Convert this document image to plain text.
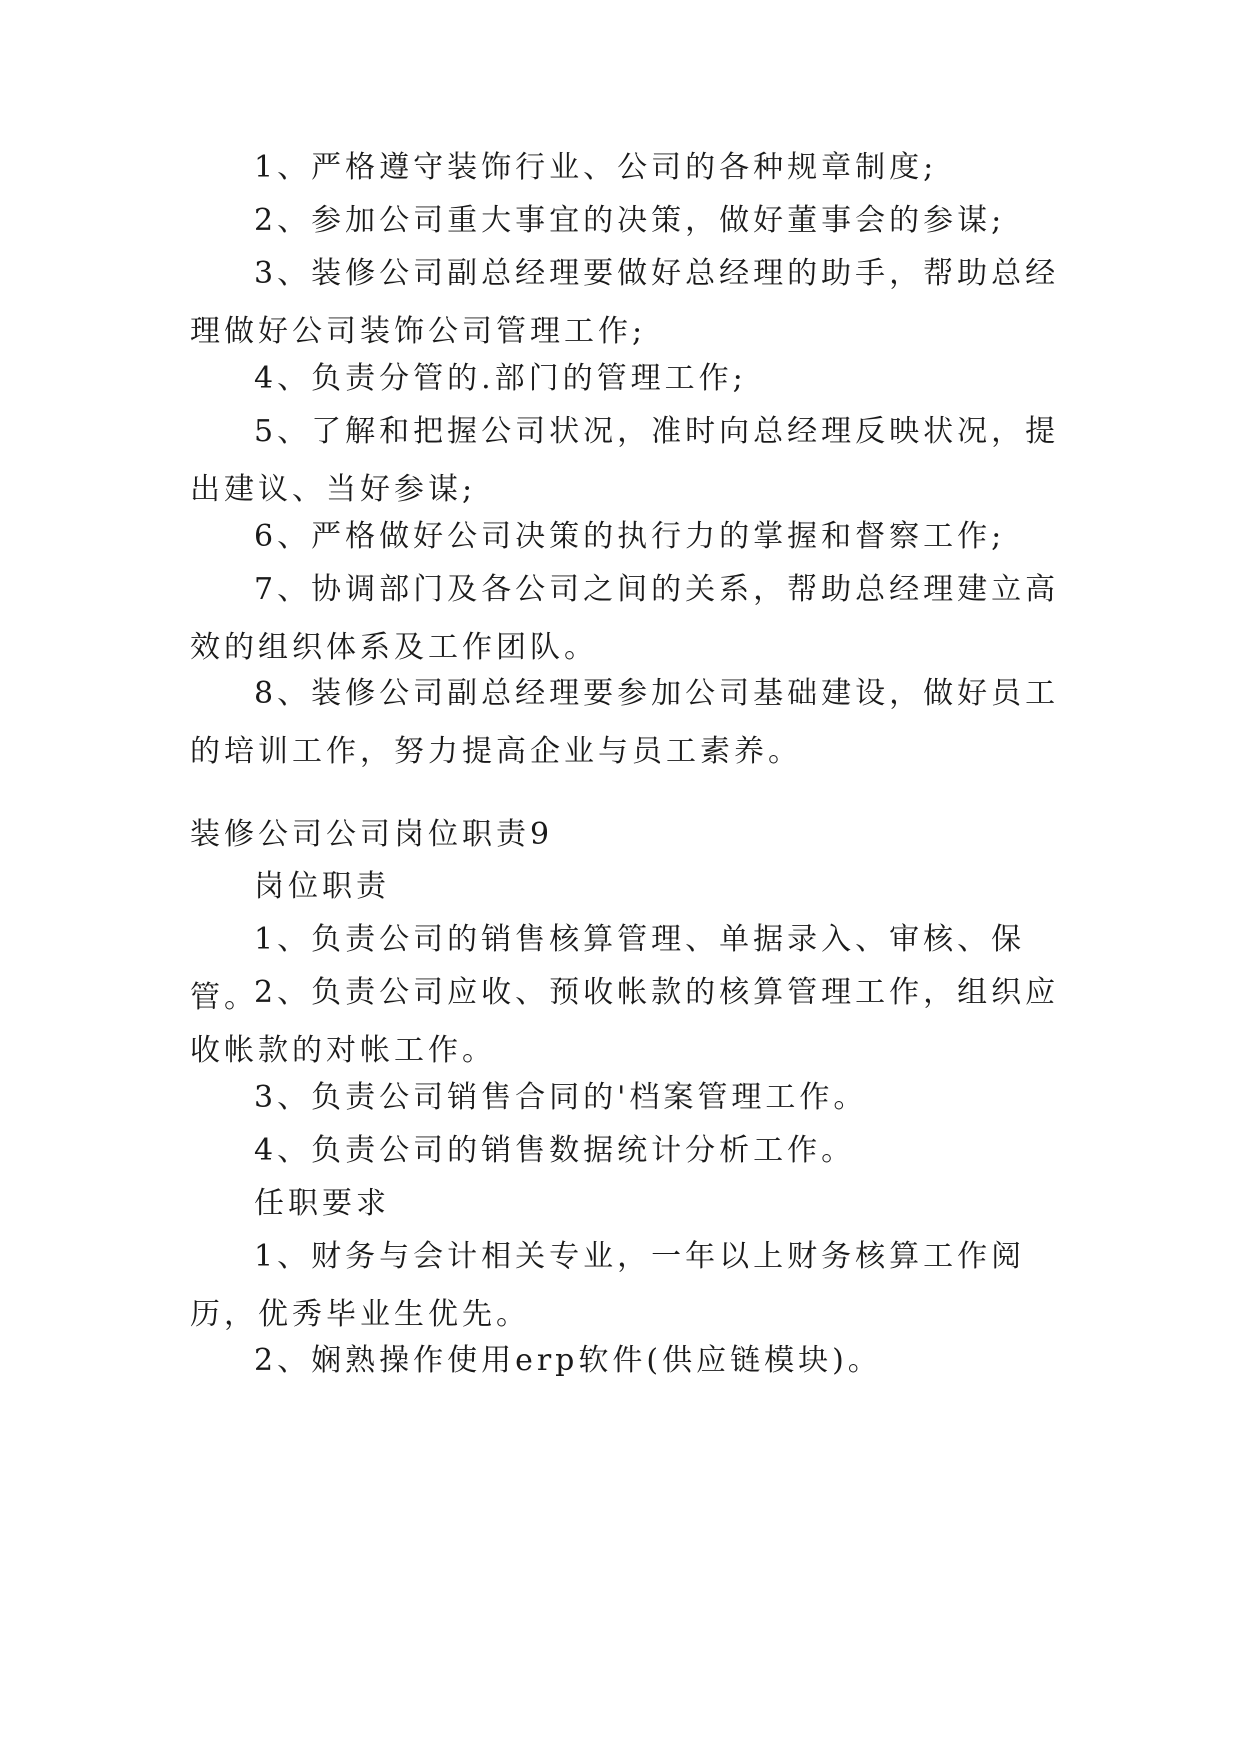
1、严格遵守装饰行业、公司的各种规章制度;

2、参加公司重大事宜的决策，做好董事会的参谋;

3、装修公司副总经理要做好总经理的助手，帮助总经理做好公司装饰公司管理工作;

4、负责分管的.部门的管理工作;

5、了解和把握公司状况，准时向总经理反映状况，提出建议、当好参谋;

6、严格做好公司决策的执行力的掌握和督察工作;

7、协调部门及各公司之间的关系，帮助总经理建立高效的组织体系及工作团队。

8、装修公司副总经理要参加公司基础建设，做好员工的培训工作，努力提高企业与员工素养。

装修公司公司岗位职责9

岗位职责

1、负责公司的销售核算管理、单据录入、审核、保管。

2、负责公司应收、预收帐款的核算管理工作，组织应收帐款的对帐工作。

3、负责公司销售合同的'档案管理工作。

4、负责公司的销售数据统计分析工作。

任职要求

1、财务与会计相关专业，一年以上财务核算工作阅历，优秀毕业生优先。

2、娴熟操作使用erp软件(供应链模块)。
